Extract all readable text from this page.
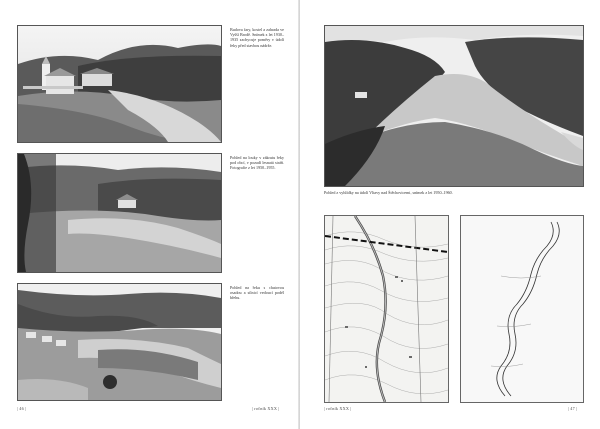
Budova fary, kostel a zahrada ve Vyšší Brodě. Snímek z let 1930–1935 zachycuje poměry v údolí řeky před stavbou nádrže.
Pohled na louky v zákrutu řeky pod obcí, v pozadí lesnatá stráň. Fotografie z let 1950–1955.
Pohled na řeku s chatovou osadou a silnicí vedoucí podél břehu.
| 46 |	| ročník XXX |
Pohled z vyhlídky na údolí Vltavy nad Štěchovicemi, snímek z let 1950–1960.
| ročník XXX |	| 47 |
